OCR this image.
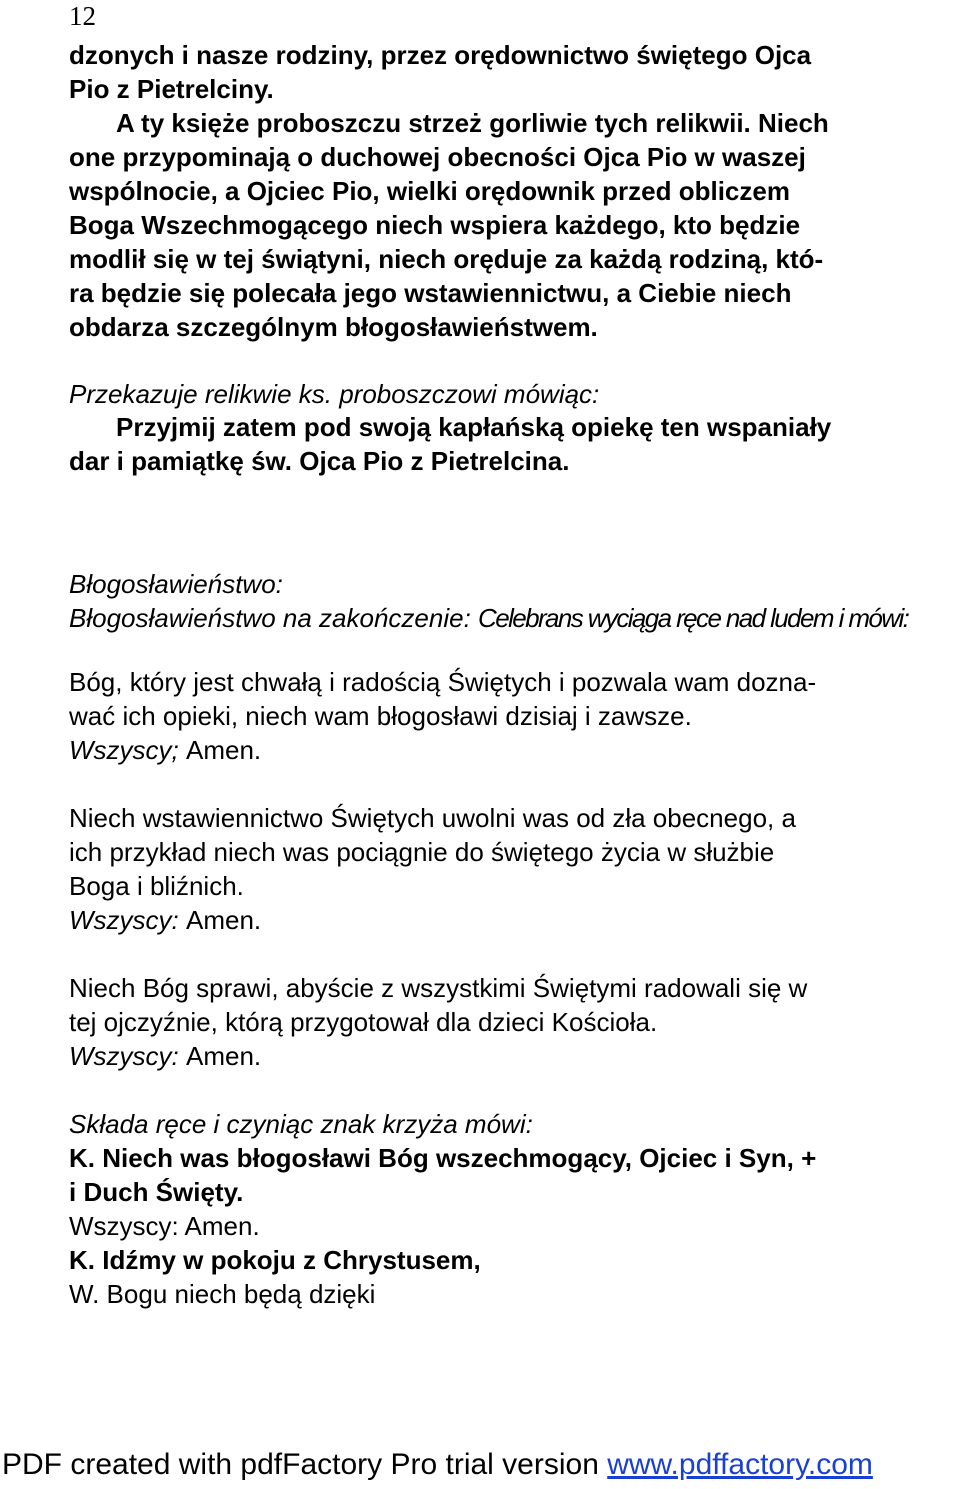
12
dzonych i nasze rodziny, przez orędownictwo świętego Ojca
Pio z Pietrelciny.
A ty księże proboszczu strzeż gorliwie tych relikwii. Niech
one przypominają o duchowej obecności Ojca Pio w waszej
wspólnocie, a Ojciec Pio, wielki orędownik przed obliczem
Boga Wszechmogącego niech wspiera każdego, kto będzie
modlił się w tej świątyni, niech oręduje za każdą rodziną, któ-
ra będzie się polecała jego wstawiennictwu, a Ciebie niech
obdarza szczególnym błogosławieństwem.
Przekazuje relikwie ks. proboszczowi mówiąc:
Przyjmij zatem pod swoją kapłańską opiekę ten wspaniały
dar i pamiątkę św. Ojca Pio z Pietrelcina.
Błogosławieństwo:
Błogosławieństwo na zakończenie: Celebrans wyciąga ręce nad ludem i mówi:
Bóg, który jest chwałą i radością Świętych i pozwala wam dozna-
wać ich opieki, niech wam błogosławi dzisiaj i zawsze.
Wszyscy; Amen.
Niech wstawiennictwo Świętych uwolni was od zła obecnego, a
ich przykład niech was pociągnie do świętego życia w służbie
Boga i bliźnich.
Wszyscy: Amen.
Niech Bóg sprawi, abyście z wszystkimi Świętymi radowali się w
tej ojczyźnie, którą przygotował dla dzieci Kościoła.
Wszyscy: Amen.
Składa ręce i czyniąc znak krzyża mówi:
K. Niech was błogosławi Bóg wszechmogący, Ojciec i Syn, +
i Duch Święty.
Wszyscy: Amen.
K. Idźmy w pokoju z Chrystusem,
W. Bogu niech będą dzięki
PDF created with pdfFactory Pro trial version www.pdffactory.com
